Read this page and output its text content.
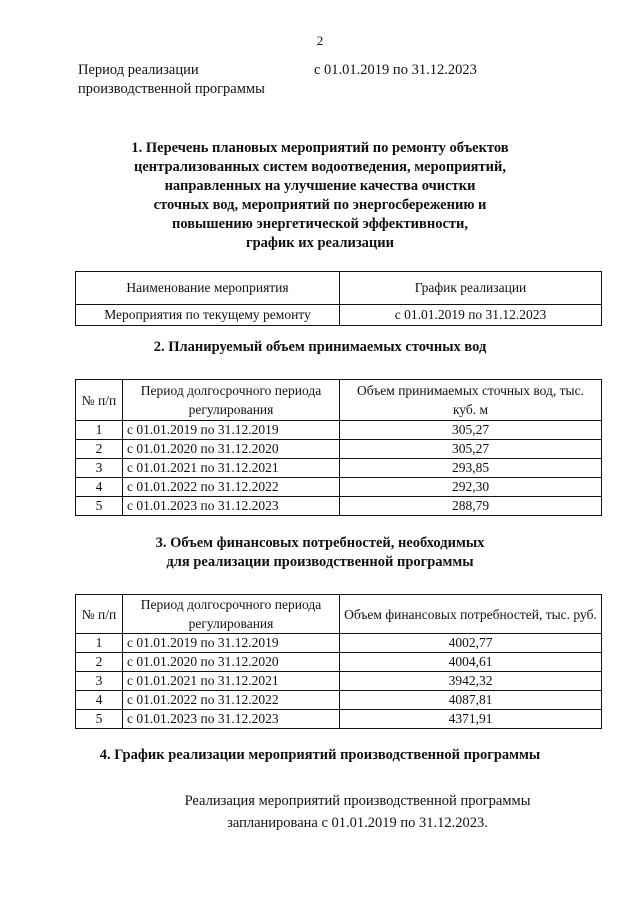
2
Период реализации
производственной программы
с 01.01.2019 по 31.12.2023
1. Перечень плановых мероприятий по ремонту объектов
централизованных систем водоотведения, мероприятий,
направленных на улучшение качества очистки
сточных вод, мероприятий по энергосбережению и
повышению энергетической эффективности,
график их реализации
Наименование мероприятия	График реализации
Мероприятия по текущему ремонту	с 01.01.2019 по 31.12.2023
2. Планируемый объем принимаемых сточных вод
№ п/п	Период долгосрочного периода регулирования	Объем принимаемых сточных вод, тыс. куб. м
1	с 01.01.2019 по 31.12.2019	305,27
2	с 01.01.2020 по 31.12.2020	305,27
3	с 01.01.2021 по 31.12.2021	293,85
4	с 01.01.2022 по 31.12.2022	292,30
5	с 01.01.2023 по 31.12.2023	288,79
3. Объем финансовых потребностей, необходимых
для реализации производственной программы
№ п/п	Период долгосрочного периода регулирования	Объем финансовых потребностей, тыс. руб.
1	с 01.01.2019 по 31.12.2019	4002,77
2	с 01.01.2020 по 31.12.2020	4004,61
3	с 01.01.2021 по 31.12.2021	3942,32
4	с 01.01.2022 по 31.12.2022	4087,81
5	с 01.01.2023 по 31.12.2023	4371,91
4. График реализации мероприятий производственной программы
Реализация мероприятий производственной программы
запланирована с 01.01.2019 по 31.12.2023.
